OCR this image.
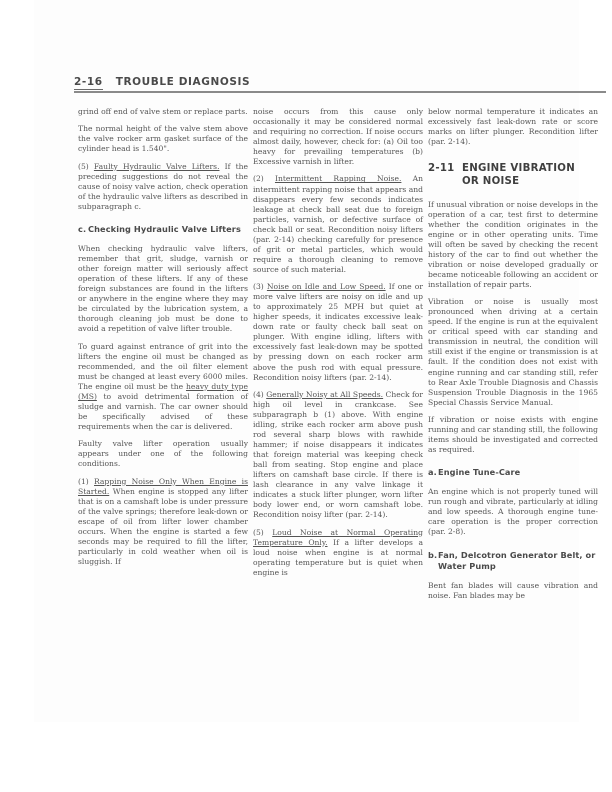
2-16 TROUBLE DIAGNOSIS

grind off end of valve stem or replace parts.

The normal height of the valve stem above the valve rocker arm gasket surface of the cylinder head is 1.540".

(5) Faulty Hydraulic Valve Lifters. If the preceding suggestions do not reveal the cause of noisy valve action, check operation of the hydraulic valve lifters as described in subparagraph c.

c. Checking Hydraulic Valve Lifters

When checking hydraulic valve lifters, remember that grit, sludge, varnish or other foreign matter will seriously affect operation of these lifters. If any of these foreign substances are found in the lifters or anywhere in the engine where they may be circulated by the lubrication system, a thorough cleaning job must be done to avoid a repetition of valve lifter trouble.

To guard against entrance of grit into the lifters the engine oil must be changed as recommended, and the oil filter element must be changed at least every 6000 miles. The engine oil must be the heavy duty type (MS) to avoid detrimental formation of sludge and varnish. The car owner should be specifically advised of these requirements when the car is delivered.

Faulty valve lifter operation usually appears under one of the following conditions.

(1) Rapping Noise Only When Engine is Started. When engine is stopped any lifter that is on a camshaft lobe is under pressure of the valve springs; therefore leak-down or escape of oil from lifter lower chamber occurs. When the engine is started a few seconds may be required to fill the lifter, particularly in cold weather when oil is sluggish. If

noise occurs from this cause only occasionally it may be considered normal and requiring no correction. If noise occurs almost daily, however, check for: (a) Oil too heavy for prevailing temperatures (b) Excessive varnish in lifter.

(2) Intermittent Rapping Noise. An intermittent rapping noise that appears and disappears every few seconds indicates leakage at check ball seat due to foreign particles, varnish, or defective surface of check ball or seat. Recondition noisy lifters (par. 2-14) checking carefully for presence of grit or metal particles, which would require a thorough cleaning to remove source of such material.

(3) Noise on Idle and Low Speed. If one or more valve lifters are noisy on idle and up to approximately 25 MPH but quiet at higher speeds, it indicates excessive leak-down rate or faulty check ball seat on plunger. With engine idling, lifters with excessively fast leak-down may be spotted by pressing down on each rocker arm above the push rod with equal pressure. Recondition noisy lifters (par. 2-14).

(4) Generally Noisy at All Speeds. Check for high oil level in crankcase. See subparagraph b (1) above. With engine idling, strike each rocker arm above push rod several sharp blows with rawhide hammer; if noise disappears it indicates that foreign material was keeping check ball from seating. Stop engine and place lifters on camshaft base circle. If there is lash clearance in any valve linkage it indicates a stuck lifter plunger, worn lifter body lower end, or worn camshaft lobe. Recondition noisy lifter (par. 2-14).

(5) Loud Noise at Normal Operating Temperature Only. If a lifter develops a loud noise when engine is at normal operating temperature but is quiet when engine is

below normal temperature it indicates an excessively fast leak-down rate or score marks on lifter plunger. Recondition lifter (par. 2-14).

2-11 ENGINE VIBRATION
OR NOISE

If unusual vibration or noise develops in the operation of a car, test first to determine whether the condition originates in the engine or in other operating units. Time will often be saved by checking the recent history of the car to find out whether the vibration or noise developed gradually or became noticeable following an accident or installation of repair parts.

Vibration or noise is usually most pronounced when driving at a certain speed. If the engine is run at the equivalent or critical speed with car standing and transmission in neutral, the condition will still exist if the engine or transmission is at fault. If the condition does not exist with engine running and car standing still, refer to Rear Axle Trouble Diagnosis and Chassis Suspension Trouble Diagnosis in the 1965 Special Chassis Service Manual.

If vibration or noise exists with engine running and car standing still, the following items should be investigated and corrected as required.

a.Engine Tune-Care

An engine which is not properly tuned will run rough and vibrate, particularly at idling and low speeds. A thorough engine tune-care operation is the proper correction (par. 2-8).

b.Fan, Delcotron Generator Belt, or Water Pump

Bent fan blades will cause vibration and noise. Fan blades may be
